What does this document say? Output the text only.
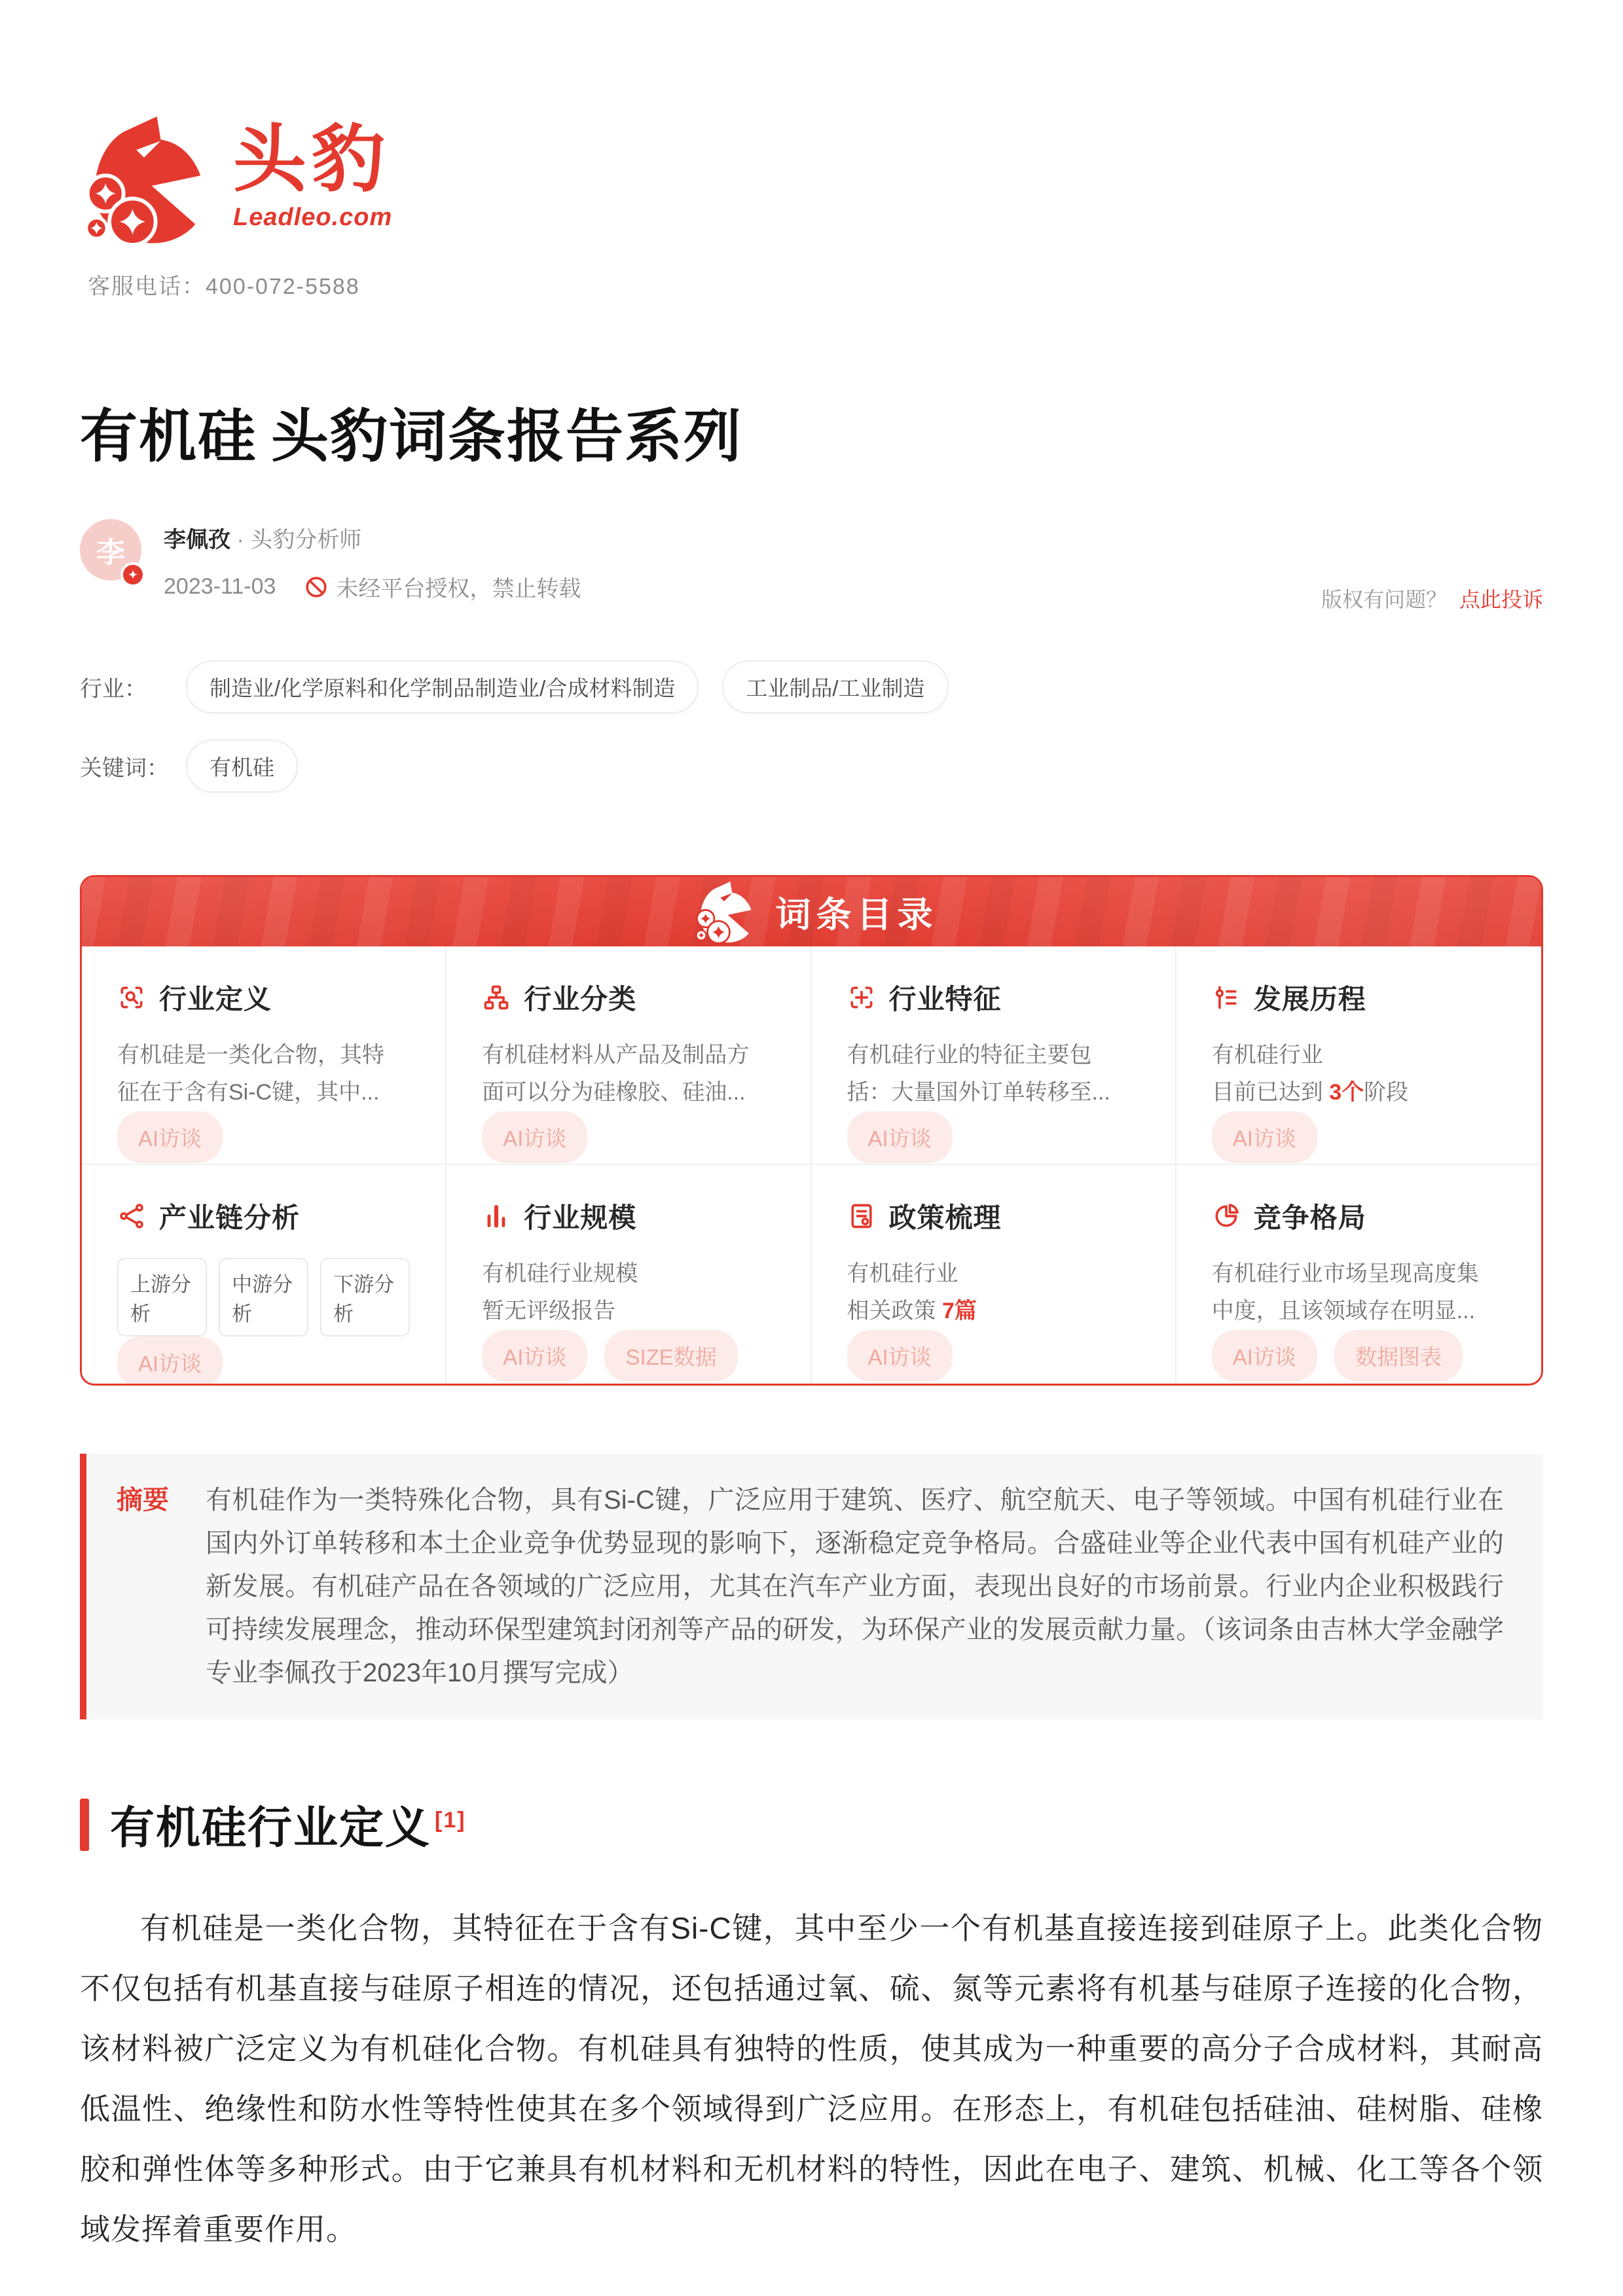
头豹
Leadleo.com
客服电话：400-072-5588
有机硅 头豹词条报告系列
李
✦
李佩孜 · 头豹分析师
2023-11-03	未经平台授权，禁止转载	版权有问题？ 点此投诉
行业：	制造业/化学原料和化学制品制造业/合成材料制造	工业制品/工业制造
关键词：	有机硅
词条目录
行业定义
有机硅是一类化合物，其特
征在于含有Si-C键，其中...
AI访谈
行业分类
有机硅材料从产品及制品方
面可以分为硅橡胶、硅油...
AI访谈
行业特征
有机硅行业的特征主要包
括：大量国外订单转移至...
AI访谈
发展历程
有机硅行业
目前已达到 3个阶段
AI访谈
产业链分析
上游分析
中游分析
下游分析
AI访谈
行业规模
有机硅行业规模
暂无评级报告
AI访谈	SIZE数据
政策梳理
有机硅行业
相关政策 7篇
AI访谈
竞争格局
有机硅行业市场呈现高度集
中度，且该领域存在明显...
AI访谈	数据图表
摘要 有机硅作为一类特殊化合物，具有Si-C键，广泛应用于建筑、医疗、航空航天、电子等领域。中国有机硅行业在国内外订单转移和本土企业竞争优势显现的影响下，逐渐稳定竞争格局。合盛硅业等企业代表中国有机硅产业的新发展。有机硅产品在各领域的广泛应用，尤其在汽车产业方面，表现出良好的市场前景。行业内企业积极践行可持续发展理念，推动环保型建筑封闭剂等产品的研发，为环保产业的发展贡献力量。（该词条由吉林大学金融学专业李佩孜于2023年10月撰写完成）
有机硅行业定义 [1]

有机硅是一类化合物，其特征在于含有Si-C键，其中至少一个有机基直接连接到硅原子上。此类化合物不仅包括有机基直接与硅原子相连的情况，还包括通过氧、硫、氮等元素将有机基与硅原子连接的化合物，该材料被广泛定义为有机硅化合物。有机硅具有独特的性质，使其成为一种重要的高分子合成材料，其耐高低温性、绝缘性和防水性等特性使其在多个领域得到广泛应用。在形态上，有机硅包括硅油、硅树脂、硅橡胶和弹性体等多种形式。由于它兼具有机材料和无机材料的特性，因此在电子、建筑、机械、化工等各个领域发挥着重要作用。
